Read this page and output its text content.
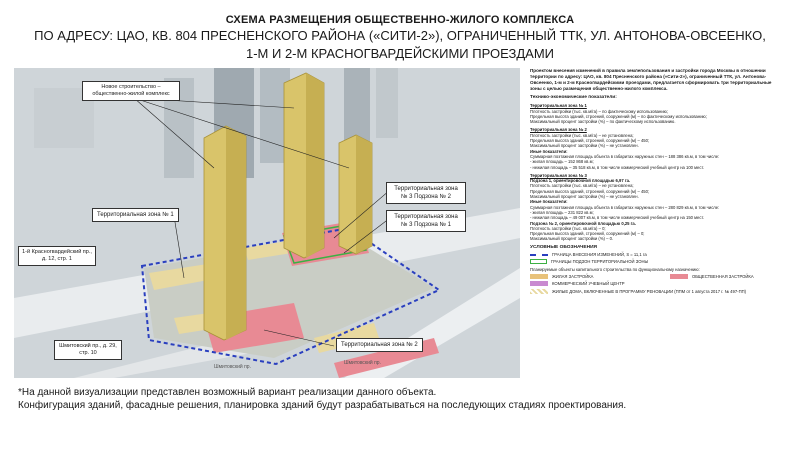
СХЕМА РАЗМЕЩЕНИЯ ОБЩЕСТВЕННО-ЖИЛОГО КОМПЛЕКСА
ПО АДРЕСУ: ЦАО, КВ. 804 ПРЕСНЕНСКОГО РАЙОНА («СИТИ-2»), ОГРАНИЧЕННЫЙ ТТК, УЛ. АНТОНОВА-ОВСЕЕНКО,
1-М И 2-М КРАСНОГВАРДЕЙСКИМИ ПРОЕЗДАМИ
Новое строительство – общественно-жилой комплекс
Территориальная зона № 1
Территориальная зона № 3 Подзона № 2
Территориальная зона № 3 Подзона № 1
Территориальная зона № 2
1-й Красногвардейский пр., д. 12, стр. 1
Шмитовский пр., д. 29, стр. 10
Шмитовский пр.
Шмитовский пр.
Проектом внесения изменений в правила землепользования и застройки города Москвы в отношении территории по адресу: ЦАО, кв. 804 Пресненского района («Сити-2»), ограниченный ТТК, ул. Антонова-Овсеенко, 1-м и 2-м Красногвардейскими проездами, предлагается сформировать три территориальные зоны с целью размещения общественно-жилого комплекса.
Технико-экономические показатели:
Территориальная зона № 1
Плотность застройки (тыс. кв.м/га) – по фактическому использованию;
Предельная высота зданий, строений, сооружений (м) – по фактическому использованию;
Максимальный процент застройки (%) – по фактическому использованию.
Территориальная зона № 2
Плотность застройки (тыс. кв.м/га) – не установлена;
Предельная высота зданий, строений, сооружений (м) – 450;
Максимальный процент застройки (%) – не установлен.
Иные показатели:
Суммарная поэтажная площадь объекта в габаритах наружных стен – 188 386 кв.м, в том числе:
- жилая площадь – 152 868 кв.м;
- нежилая площадь – 35 518 кв.м, в том числе коммерческий учебный центр на 100 мест.
Территориальная зона № 3
Подзона 1, ориентировочной площадью 6,97 га.
Плотность застройки (тыс. кв.м/га) – не установлена;
Предельная высота зданий, строений, сооружений (м) – 450;
Максимальный процент застройки (%) – не установлен.
Иные показатели:
Суммарная поэтажная площадь объекта в габаритах наружных стен – 280 829 кв.м, в том числе:
- жилая площадь – 231 822 кв.м;
- нежилая площадь – 49 007 кв.м, в том числе коммерческий учебный центр на 150 мест.
Подзона № 2, ориентировочной площадью 0,25 га.
Плотность застройки (тыс. кв.м/га) – 0;
Предельная высота зданий, строений, сооружений (м) – 0;
Максимальный процент застройки (%) – 0.
УСЛОВНЫЕ ОБОЗНАЧЕНИЯ
ГРАНИЦА ВНЕСЕНИЯ ИЗМЕНЕНИЙ, S = 11,1 га
ГРАНИЦЫ ПОДЗОН ТЕРРИТОРИАЛЬНОЙ ЗОНЫ
Планируемые объекты капитального строительства по функциональному назначению:
ЖИЛАЯ ЗАСТРОЙКА	ОБЩЕСТВЕННАЯ ЗАСТРОЙКА
КОММЕРЧЕСКИЙ УЧЕБНЫЙ ЦЕНТР
ЖИЛЫЕ ДОМА, ВКЛЮЧЕННЫЕ В ПРОГРАММУ РЕНОВАЦИИ (ППМ от 1 августа 2017 г. № 497-ПП)
*На данной визуализации представлен возможный вариант реализации данного объекта.
Конфигурация зданий, фасадные решения, планировка зданий будут разрабатываться на последующих стадиях проектирования.
